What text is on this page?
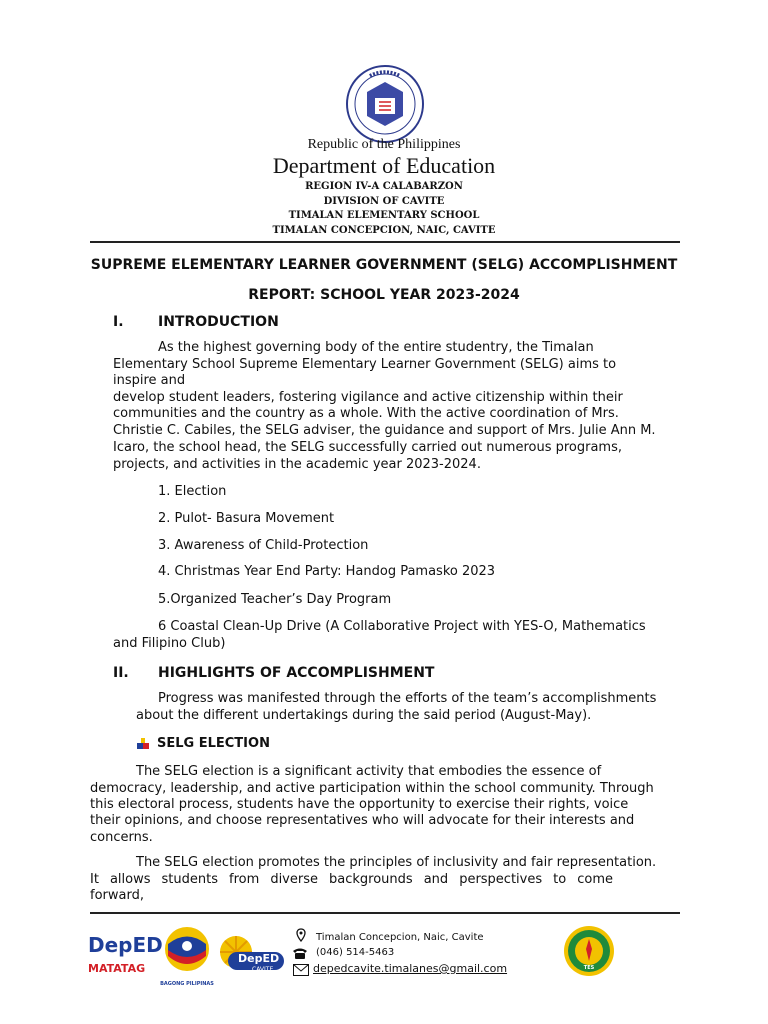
Republic of the Philippines
Department of Education
REGION IV-A CALABARZON
DIVISION OF CAVITE
TIMALAN ELEMENTARY SCHOOL
TIMALAN CONCEPCION, NAIC, CAVITE
SUPREME ELEMENTARY LEARNER GOVERNMENT (SELG) ACCOMPLISHMENT
REPORT: SCHOOL YEAR 2023-2024
I. INTRODUCTION
As the highest governing body of the entire studentry, the Timalan
Elementary School Supreme Elementary Learner Government (SELG) aims to
inspire and
develop student leaders, fostering vigilance and active citizenship within their
communities and the country as a whole. With the active coordination of Mrs.
Christie C. Cabiles, the SELG adviser, the guidance and support of Mrs. Julie Ann M.
Icaro, the school head, the SELG successfully carried out numerous programs,
projects, and activities in the academic year 2023-2024.
1. Election
2. Pulot- Basura Movement
3. Awareness of Child-Protection
4. Christmas Year End Party: Handog Pamasko 2023
5.Organized Teacher’s Day Program
6 Coastal Clean-Up Drive (A Collaborative Project with YES-O, Mathematics
and Filipino Club)
II. HIGHLIGHTS OF ACCOMPLISHMENT
Progress was manifested through the efforts of the team’s accomplishments
about the different undertakings during the said period (August-May).
SELG ELECTION
The SELG election is a significant activity that embodies the essence of
democracy, leadership, and active participation within the school community. Through
this electoral process, students have the opportunity to exercise their rights, voice
their opinions, and choose representatives who will advocate for their interests and
concerns.
The SELG election promotes the principles of inclusivity and fair representation.
It allows students from diverse backgrounds and perspectives to come
forward,
DepED
MATATAG
BAGONG PILIPINAS
DepED
CAVITE
Timalan Concepcion, Naic, Cavite
(046) 514-5463
depedcavite.timalanes@gmail.com	TES
